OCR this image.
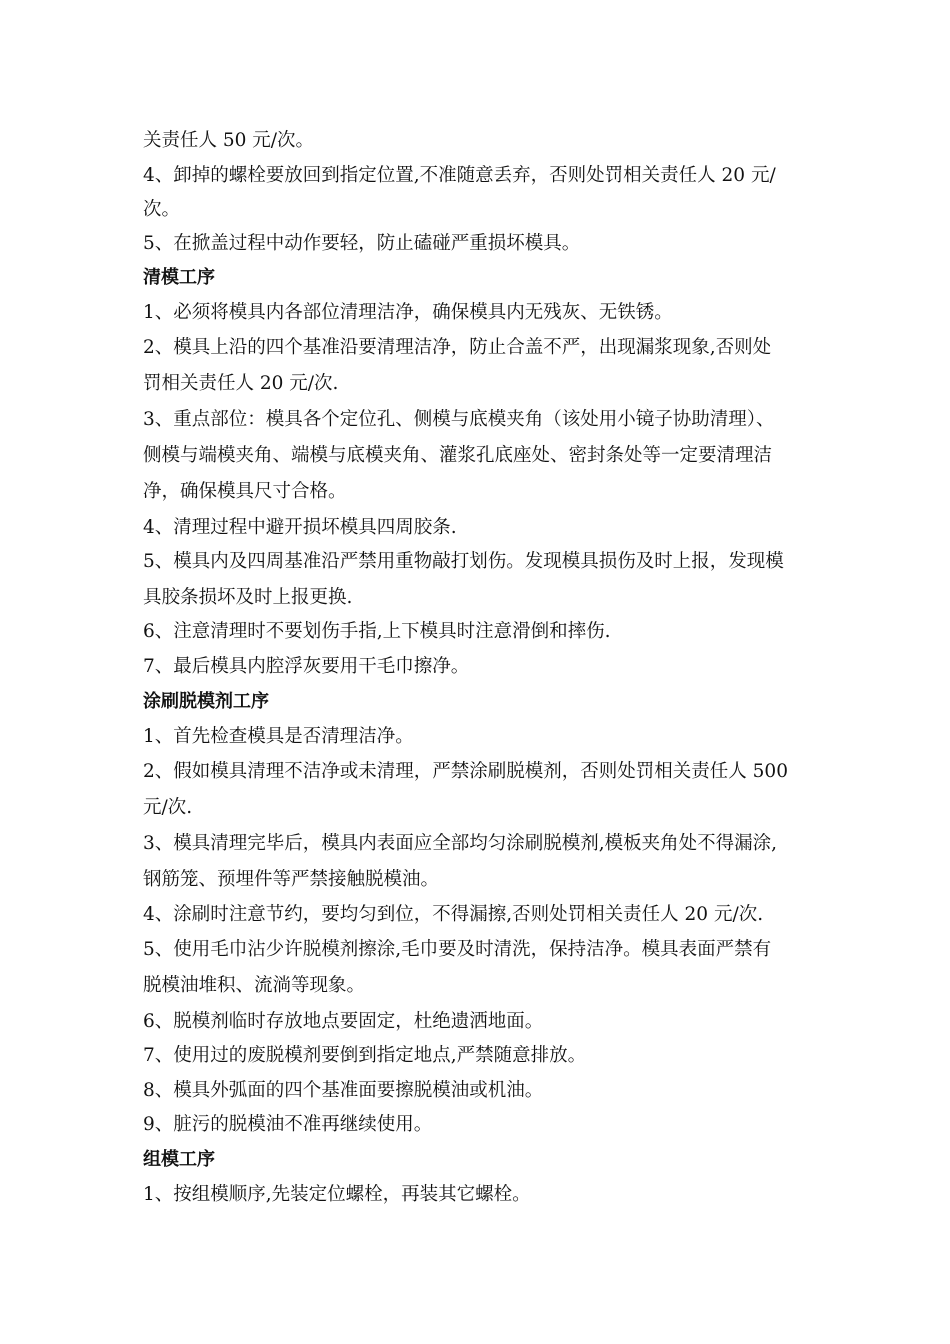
关责任人 50 元/次。
4、卸掉的螺栓要放回到指定位置,不准随意丢弃，否则处罚相关责任人 20 元/
次。
5、在掀盖过程中动作要轻，防止磕碰严重损坏模具。
清模工序
1、必须将模具内各部位清理洁净，确保模具内无残灰、无铁锈。
2、模具上沿的四个基准沿要清理洁净，防止合盖不严，出现漏浆现象,否则处
罚相关责任人 20 元/次.
3、重点部位：模具各个定位孔、侧模与底模夹角（该处用小镜子协助清理）、
侧模与端模夹角、端模与底模夹角、灌浆孔底座处、密封条处等一定要清理洁
净，确保模具尺寸合格。
4、清理过程中避开损坏模具四周胶条.
5、模具内及四周基准沿严禁用重物敲打划伤。发现模具损伤及时上报，发现模
具胶条损坏及时上报更换.
6、注意清理时不要划伤手指,上下模具时注意滑倒和摔伤.
7、最后模具内腔浮灰要用干毛巾擦净。
涂刷脱模剂工序
1、首先检查模具是否清理洁净。
2、假如模具清理不洁净或未清理，严禁涂刷脱模剂，否则处罚相关责任人 500
元/次.
3、模具清理完毕后，模具内表面应全部均匀涂刷脱模剂,模板夹角处不得漏涂,
钢筋笼、预埋件等严禁接触脱模油。
4、涂刷时注意节约，要均匀到位，不得漏擦,否则处罚相关责任人 20 元/次.
5、使用毛巾沾少许脱模剂擦涂,毛巾要及时清洗，保持洁净。模具表面严禁有
脱模油堆积、流淌等现象。
6、脱模剂临时存放地点要固定，杜绝遗洒地面。
7、使用过的废脱模剂要倒到指定地点,严禁随意排放。
8、模具外弧面的四个基准面要擦脱模油或机油。
9、脏污的脱模油不准再继续使用。
组模工序
1、按组模顺序,先装定位螺栓，再装其它螺栓。
